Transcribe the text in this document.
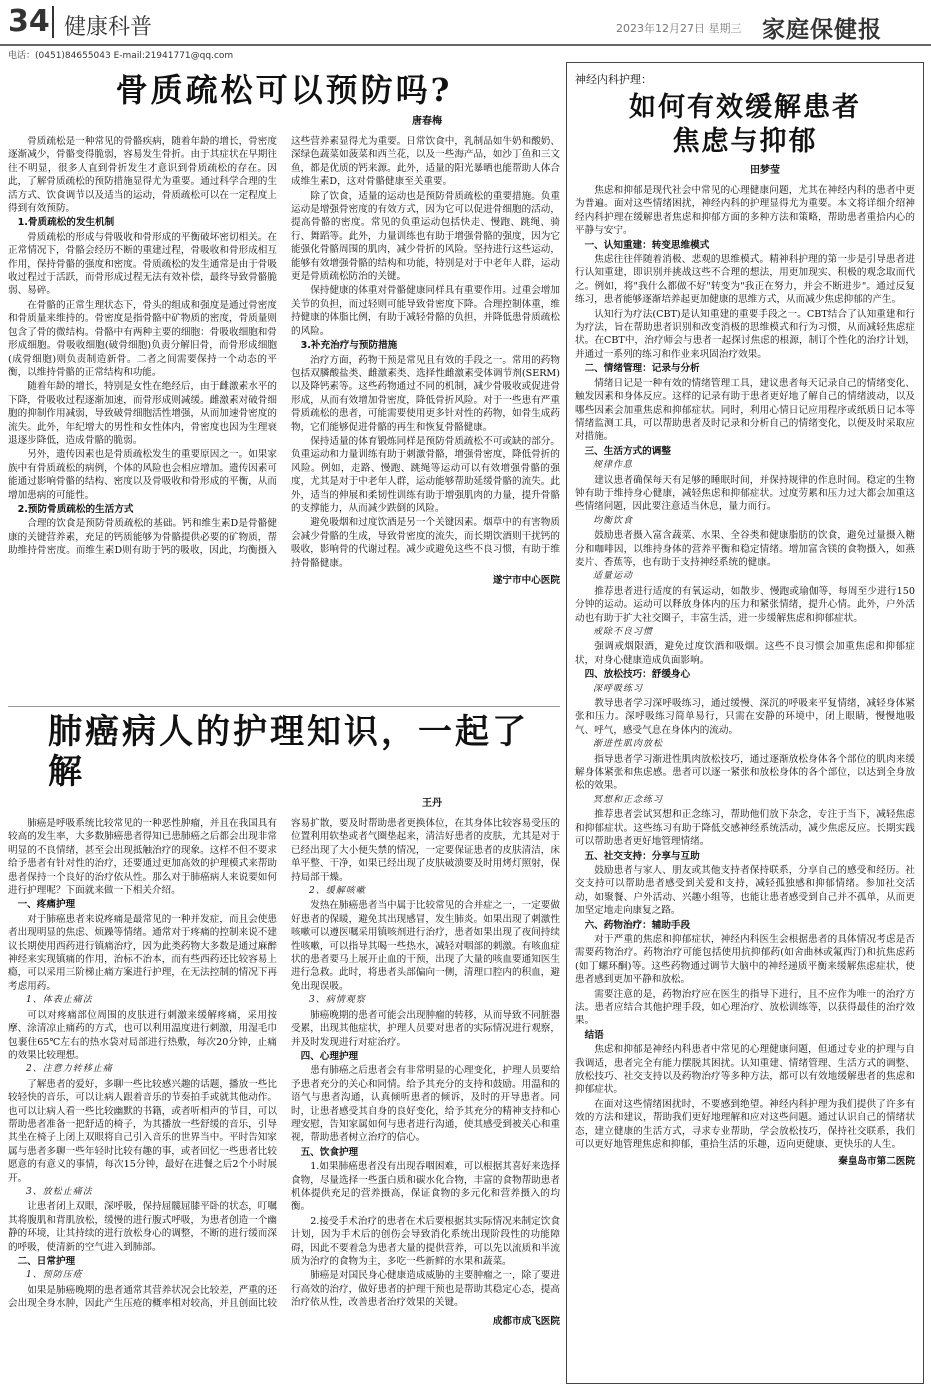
34 健康科普	2023年12月27日 星期三 家庭保健报
电话：(0451)84655043 E-mail:21941771@qq.com
骨质疏松可以预防吗?
唐春梅

骨质疏松是一种常见的骨骼疾病，随着年龄的增长，骨密度逐渐减少，骨骼变得脆弱，容易发生骨折。由于其症状在早期往往不明显，很多人直到骨折发生才意识到骨质疏松的存在。因此，了解骨质疏松的预防措施显得尤为重要。通过科学合理的生活方式、饮食调节以及适当的运动，骨质疏松可以在一定程度上得到有效预防。

1.骨质疏松的发生机制

骨质疏松的形成与骨吸收和骨形成的平衡破坏密切相关。在正常情况下，骨骼会经历不断的重建过程，骨吸收和骨形成相互作用，保持骨骼的强度和密度。骨质疏松的发生通常是由于骨吸收过程过于活跃，而骨形成过程无法有效补偿，最终导致骨骼脆弱、易碎。

在骨骼的正常生理状态下，骨头的组成和强度是通过骨密度和骨质量来维持的。骨密度是指骨骼中矿物质的密度，骨质量则包含了骨的微结构。骨骼中有两种主要的细胞：骨吸收细胞和骨形成细胞。骨吸收细胞(破骨细胞)负责分解旧骨，而骨形成细胞(成骨细胞)则负责制造新骨。二者之间需要保持一个动态的平衡，以维持骨骼的正常结构和功能。

随着年龄的增长，特别是女性在绝经后，由于雌激素水平的下降，骨吸收过程逐渐加速，而骨形成则减缓。雌激素对破骨细胞的抑制作用减弱，导致破骨细胞活性增强，从而加速骨密度的流失。此外，年纪增大的男性和女性体内，骨密度也因为生理衰退逐步降低，造成骨骼的脆弱。

另外，遗传因素也是骨质疏松发生的重要原因之一。如果家族中有骨质疏松的病例，个体的风险也会相应增加。遗传因素可能通过影响骨骼的结构、密度以及骨吸收和骨形成的平衡，从而增加患病的可能性。

2.预防骨质疏松的生活方式

合理的饮食是预防骨质疏松的基础。钙和维生素D是骨骼健康的关键营养素，充足的钙质能够为骨骼提供必要的矿物质，帮助维持骨密度。而维生素D则有助于钙的吸收，因此，均衡摄入这些营养素显得尤为重要。日常饮食中，乳制品如牛奶和酸奶、深绿色蔬菜如菠菜和西兰花，以及一些海产品，如沙丁鱼和三文鱼，都是优质的钙来源。此外，适量的阳光暴晒也能帮助人体合成维生素D，这对骨骼健康至关重要。

除了饮食，适量的运动也是预防骨质疏松的重要措施。负重运动是增强骨密度的有效方式，因为它可以促进骨细胞的活动，提高骨骼的密度。常见的负重运动包括快走、慢跑、跳绳、骑行、舞蹈等。此外，力量训练也有助于增强骨骼的强度，因为它能强化骨骼周围的肌肉，减少骨折的风险。坚持进行这些运动，能够有效增强骨骼的结构和功能，特别是对于中老年人群，运动更是骨质疏松防治的关键。

保持健康的体重对骨骼健康同样具有重要作用。过重会增加关节的负担，而过轻则可能导致骨密度下降。合理控制体重，维持健康的体脂比例，有助于减轻骨骼的负担，并降低患骨质疏松的风险。

3.补充治疗与预防措施

治疗方面，药物干预是常见且有效的手段之一。常用的药物包括双膦酸盐类、雌激素类、选择性雌激素受体调节剂(SERM)以及降钙素等。这些药物通过不同的机制，减少骨吸收或促进骨形成，从而有效增加骨密度，降低骨折风险。对于一些患有严重骨质疏松的患者，可能需要使用更多针对性的药物，如骨生成药物，它们能够促进骨骼的再生和恢复骨骼健康。

保持适量的体育锻炼同样是预防骨质疏松不可或缺的部分。负重运动和力量训练有助于刺激骨骼，增强骨密度，降低骨折的风险。例如，走路、慢跑、跳绳等运动可以有效增强骨骼的强度，尤其是对于中老年人群，运动能够帮助延缓骨骼的流失。此外，适当的伸展和柔韧性训练有助于增强肌肉的力量，提升骨骼的支撑能力，从而减少跌倒的风险。

避免吸烟和过度饮酒是另一个关键因素。烟草中的有害物质会减少骨骼的生成，导致骨密度的流失，而长期饮酒则干扰钙的吸收，影响骨的代谢过程。减少或避免这些不良习惯，有助于维持骨骼健康。

遂宁市中心医院
肺癌病人的护理知识，一起了解
王丹

肺癌是呼吸系统比较常见的一种恶性肿瘤，并且在我国具有较高的发生率，大多数肺癌患者得知已患肺癌之后都会出现非常明显的不良情绪，甚至会出现抵触治疗的现象。这样不但不要求给予患者有针对性的治疗，还要通过更加高效的护理模式来帮助患者保持一个良好的治疗依从性。那么对于肺癌病人来说要如何进行护理呢？下面就来做一下相关介绍。

一、疼痛护理

对于肺癌患者来说疼痛是最常见的一种并发症，而且会使患者出现明显的焦虑、烦躁等情绪。通常对于疼痛的控制来说不建议长期使用西药进行镇痛治疗，因为此类药物大多数是通过麻醉神经来实现镇痛的作用，治标不治本，而有些西药还比较容易上瘾，可以采用三阶梯止痛方案进行护理，在无法控制的情况下再考虑用药。

1、体表止痛法

可以对疼痛部位周围的皮肤进行刺激来缓解疼痛，采用按摩、涂清凉止痛药的方式，也可以利用温度进行刺激，用湿毛巾包裹住65℃左右的热水袋对局部进行热敷，每次20分钟，止痛的效果比较理想。

2、注意力转移止痛

了解患者的爱好，多聊一些比较感兴趣的话题，播放一些比较轻快的音乐，可以让病人跟着音乐的节奏拍手或就其他动作。也可以让病人看一些比较幽默的书籍，或者听相声的节目，可以帮助患者准备一把舒适的椅子，为其播放一些舒缓的音乐，引导其坐在椅子上闭上双眼将自己引入音乐的世界当中。平时告知家属与患者多聊一些年轻时比较有趣的事，或者回忆一些患者比较愿意的有意义的事情，每次15分钟，最好在进餐之后2个小时展开。

3、放松止痛法

让患者闭上双眼，深呼吸，保持屈髋屈膝平卧的状态，叮嘱其将腹肌和背肌放松，缓慢的进行腹式呼吸，为患者创造一个幽静的环境，让其持续的进行放松身心的调整，不断的进行缓而深的呼吸，使清新的空气进入到肺部。

二、日常护理

1、预防压疮

如果是肺癌晚期的患者通常其营养状况会比较差，严重的还会出现全身水肿，因此产生压疮的概率相对较高，并且创面比较容易扩散，要及时帮助患者更换体位，在其身体比较容易受压的位置利用软垫或者气圈垫起来，清洁好患者的皮肤，尤其是对于已经出现了大小便失禁的情况，一定要保证患者的皮肤清洁，床单平整、干净，如果已经出现了皮肤破溃要及时用烤灯照射，保持局部干燥。

2、缓解咳嗽

发热在肺癌患者当中属于比较常见的合并症之一，一定要做好患者的保暖，避免其出现感冒，发生肺炎。如果出现了刺激性咳嗽可以遵医嘱采用镇咳剂进行治疗，患者如果出现了夜间持续性咳嗽，可以指导其喝一些热水，减轻对咽部的刺激。有咳血症状的患者要马上展开止血的干预，出现了大量的咳血要通知医生进行急救。此时，将患者头部偏向一侧，清理口腔内的积血，避免出现误吸。

3、病情观察

肺癌晚期的患者可能会出现肿瘤的转移，从而导致不同脏器受累，出现其他症状，护理人员要对患者的实际情况进行观察，并及时发现进行对症治疗。

四、心理护理

患有肺癌之后患者会有非常明显的心理变化，护理人员要给予患者充分的关心和同情。给予其充分的支持和鼓励。用温和的语气与患者沟通，认真倾听患者的倾诉，及时的开导患者。同时，让患者感受其自身的良好变化，给予其充分的精神支持和心理安慰，告知家属如何与患者进行沟通，使其感受到被关心和重视，帮助患者树立治疗的信心。

五、饮食护理

1.如果肺癌患者没有出现吞咽困难，可以根据其喜好来选择食物，尽量选择一些蛋白质和碳水化合物，丰富的食物帮助患者机体提供充足的营养摄高，保证食物的多元化和营养摄入的均衡。

2.接受手术治疗的患者在术后要根据其实际情况来制定饮食计划，因为手术后的创伤会导致消化系统出现阶段性的功能障碍，因此不要着急为患者大量的提供营养，可以先以流质和半流质为治疗的食物为主，多吃一些新鲜的水果和蔬菜。

肺癌是对国民身心健康造成威胁的主要肿瘤之一，除了要进行高效的治疗，做好患者的护理干预也是帮助其稳定心态，提高治疗依从性，改善患者治疗效果的关键。

成都市成飞医院
神经内科护理：
如何有效缓解患者
焦虑与抑郁
田梦莹

焦虑和抑郁是现代社会中常见的心理健康问题，尤其在神经内科的患者中更为普遍。面对这些情绪困扰，神经内科的护理显得尤为重要。本文将详细介绍神经内科护理在缓解患者焦虑和抑郁方面的多种方法和策略，帮助患者重拾内心的平静与安宁。

一、认知重建：转变思维模式

焦虑往往伴随着消极、悲观的思维模式。精神科护理的第一步是引导患者进行认知重建，即识别并挑战这些不合理的想法，用更加现实、积极的观念取而代之。例如，将"我什么都做不好"转变为"我正在努力，并会不断进步"。通过反复练习，患者能够逐渐培养起更加健康的思维方式，从而减少焦虑抑郁的产生。

认知行为疗法(CBT)是认知重建的重要手段之一。CBT结合了认知重建和行为疗法，旨在帮助患者识别和改变消极的思维模式和行为习惯，从而减轻焦虑症状。在CBT中，治疗师会与患者一起探讨焦虑的根源，制订个性化的治疗计划，并通过一系列的练习和作业来巩固治疗效果。

二、情绪管理：记录与分析

情绪日记是一种有效的情绪管理工具，建议患者每天记录自己的情绪变化、触发因素和身体反应。这样的记录有助于患者更好地了解自己的情绪波动，以及哪些因素会加重焦虑和抑郁症状。同时，利用心情日记应用程序或纸质日记本等情绪监测工具，可以帮助患者及时记录和分析自己的情绪变化，以便及时采取应对措施。

三、生活方式的调整

规律作息

建议患者确保每天有足够的睡眠时间，并保持规律的作息时间。稳定的生物钟有助于维持身心健康，减轻焦虑和抑郁症状。过度劳累和压力过大都会加重这些情绪问题，因此要注意适当休息，量力而行。

均衡饮食

鼓励患者摄入富含蔬菜、水果、全谷类和健康脂肪的饮食，避免过量摄入糖分和咖啡因，以维持身体的营养平衡和稳定情绪。增加富含镁的食物摄入，如燕麦片、香蕉等，也有助于支持神经系统的健康。

适量运动

推荐患者进行适度的有氧运动，如散步、慢跑或瑜伽等，每周至少进行150分钟的运动。运动可以释放身体内的压力和紧张情绪，提升心情。此外，户外活动也有助于扩大社交圈子，丰富生活，进一步缓解焦虑和抑郁症状。

戒除不良习惯

强调戒烟限酒，避免过度饮酒和吸烟。这些不良习惯会加重焦虑和抑郁症状，对身心健康造成负面影响。

四、放松技巧：舒缓身心

深呼吸练习

教导患者学习深呼吸练习，通过缓慢、深沉的呼吸来平复情绪，减轻身体紧张和压力。深呼吸练习简单易行，只需在安静的环境中，闭上眼睛，慢慢地吸气、呼气，感受气息在身体内的流动。

渐进性肌肉放松

指导患者学习渐进性肌肉放松技巧，通过逐渐放松身体各个部位的肌肉来缓解身体紧张和焦虑感。患者可以逐一紧张和放松身体的各个部位，以达到全身放松的效果。

冥想和正念练习

推荐患者尝试冥想和正念练习，帮助他们放下杂念，专注于当下，减轻焦虑和抑郁症状。这些练习有助于降低交感神经系统活动，减少焦虑反应。长期实践可以帮助患者更好地管理情绪。

五、社交支持：分享与互助

鼓励患者与家人、朋友或其他支持者保持联系，分享自己的感受和经历。社交支持可以帮助患者感受到关爱和支持，减轻孤独感和抑郁情绪。参加社交活动，如聚餐、户外活动、兴趣小组等，也能让患者感受到自己并不孤单，从而更加坚定地走向康复之路。

六、药物治疗：辅助手段

对于严重的焦虑和抑郁症状，神经内科医生会根据患者的具体情况考虑是否需要药物治疗。药物治疗可能包括使用抗抑郁药(如舍曲林或氟西汀)和抗焦虑药(如丁螺环酮)等。这些药物通过调节大脑中的神经递质平衡来缓解焦虑症状，使患者感到更加平静和放松。

需要注意的是，药物治疗应在医生的指导下进行，且不应作为唯一的治疗方法。患者应结合其他护理手段，如心理治疗、放松训练等，以获得最佳的治疗效果。

结语

焦虑和抑郁是神经内科患者中常见的心理健康问题，但通过专业的护理与自我调适，患者完全有能力摆脱其困扰。认知重建、情绪管理、生活方式的调整、放松技巧、社交支持以及药物治疗等多种方法，都可以有效地缓解患者的焦虑和抑郁症状。

在面对这些情绪困扰时，不要感到绝望。神经内科护理为我们提供了许多有效的方法和建议，帮助我们更好地理解和应对这些问题。通过认识自己的情绪状态，建立健康的生活方式，寻求专业帮助，学会放松技巧，保持社交联系，我们可以更好地管理焦虑和抑郁，重拾生活的乐趣，迈向更健康、更快乐的人生。

秦皇岛市第二医院
